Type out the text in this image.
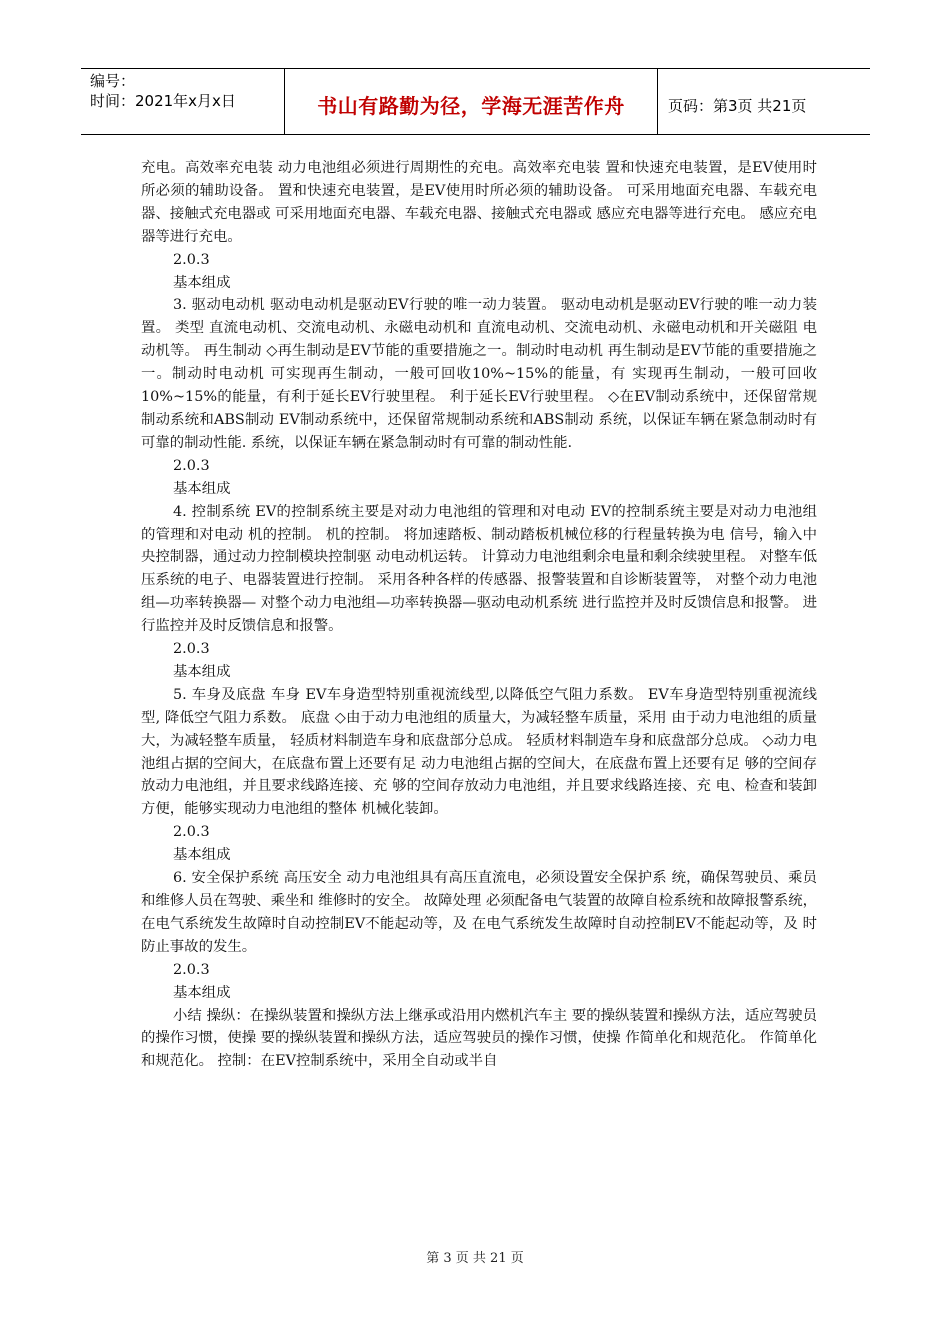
编号：
时间：2021年x月x日	书山有路勤为径，学海无涯苦作舟	页码：第3页 共21页

充电。高效率充电装 动力电池组必须进行周期性的充电。高效率充电装 置和快速充电装置，是EV使用时所必须的辅助设备。 置和快速充电装置，是EV使用时所必须的辅助设备。 可采用地面充电器、车载充电器、接触式充电器或 可采用地面充电器、车载充电器、接触式充电器或 感应充电器等进行充电。 感应充电器等进行充电。

2.0.3

基本组成

3. 驱动电动机 驱动电动机是驱动EV行驶的唯一动力装置。 驱动电动机是驱动EV行驶的唯一动力装置。 类型 直流电动机、交流电动机、永磁电动机和 直流电动机、交流电动机、永磁电动机和开关磁阻 电动机等。 再生制动 ◇再生制动是EV节能的重要措施之一。制动时电动机 再生制动是EV节能的重要措施之一。制动时电动机 可实现再生制动，一般可回收10%~15%的能量，有 实现再生制动，一般可回收10%~15%的能量，有利于延长EV行驶里程。 利于延长EV行驶里程。 ◇在EV制动系统中，还保留常规制动系统和ABS制动 EV制动系统中，还保留常规制动系统和ABS制动 系统，以保证车辆在紧急制动时有可靠的制动性能. 系统，以保证车辆在紧急制动时有可靠的制动性能.

2.0.3

基本组成

4. 控制系统 EV的控制系统主要是对动力电池组的管理和对电动 EV的控制系统主要是对动力电池组的管理和对电动 机的控制。 机的控制。 将加速踏板、制动踏板机械位移的行程量转换为电 信号，输入中央控制器，通过动力控制模块控制驱 动电动机运转。 计算动力电池组剩余电量和剩余续驶里程。 对整车低压系统的电子、电器装置进行控制。 采用各种各样的传感器、报警装置和自诊断装置等， 对整个动力电池组—功率转换器— 对整个动力电池组—功率转换器—驱动电动机系统 进行监控并及时反馈信息和报警。 进行监控并及时反馈信息和报警。

2.0.3

基本组成

5. 车身及底盘 车身 EV车身造型特别重视流线型,以降低空气阻力系数。 EV车身造型特别重视流线型, 降低空气阻力系数。 底盘 ◇由于动力电池组的质量大，为减轻整车质量，采用 由于动力电池组的质量大，为减轻整车质量， 轻质材料制造车身和底盘部分总成。 轻质材料制造车身和底盘部分总成。 ◇动力电池组占据的空间大，在底盘布置上还要有足 动力电池组占据的空间大，在底盘布置上还要有足 够的空间存放动力电池组，并且要求线路连接、充 够的空间存放动力电池组，并且要求线路连接、充 电、检查和装卸方便，能够实现动力电池组的整体 机械化装卸。

2.0.3

基本组成

6. 安全保护系统 高压安全 动力电池组具有高压直流电，必须设置安全保护系 统，确保驾驶员、乘员和维修人员在驾驶、乘坐和 维修时的安全。 故障处理 必须配备电气装置的故障自检系统和故障报警系统， 在电气系统发生故障时自动控制EV不能起动等，及 在电气系统发生故障时自动控制EV不能起动等，及 时防止事故的发生。

2.0.3

基本组成

小结 操纵：在操纵装置和操纵方法上继承或沿用内燃机汽车主 要的操纵装置和操纵方法，适应驾驶员的操作习惯，使操 要的操纵装置和操纵方法，适应驾驶员的操作习惯，使操 作简单化和规范化。 作简单化和规范化。 控制：在EV控制系统中，采用全自动或半自

第 3 页 共 21 页
